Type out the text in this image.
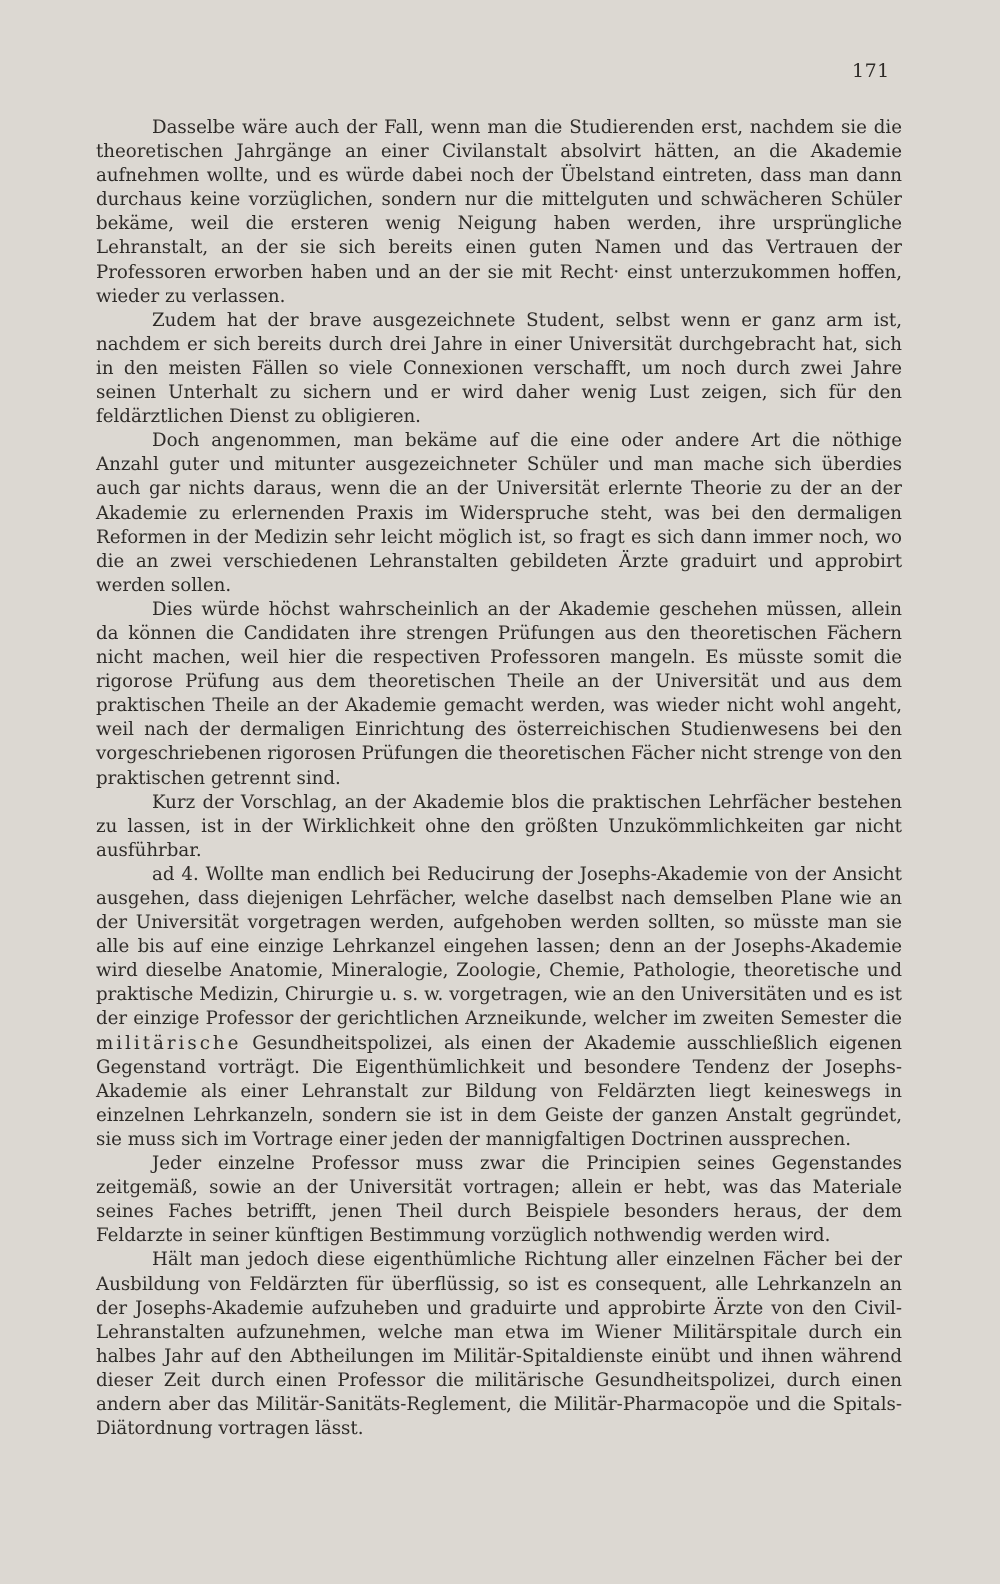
171

Dasselbe wäre auch der Fall, wenn man die Studierenden erst, nachdem sie die theoretischen Jahrgänge an einer Civilanstalt absolvirt hätten, an die Akademie aufnehmen wollte, und es würde dabei noch der Übelstand eintreten, dass man dann durchaus keine vorzüglichen, sondern nur die mittelguten und schwächeren Schüler bekäme, weil die ersteren wenig Neigung haben werden, ihre ursprüngliche Lehranstalt, an der sie sich bereits einen guten Namen und das Vertrauen der Professoren erworben haben und an der sie mit Recht· einst unterzukommen hoffen, wieder zu verlassen.

Zudem hat der brave ausgezeichnete Student, selbst wenn er ganz arm ist, nachdem er sich bereits durch drei Jahre in einer Universität durchgebracht hat, sich in den meisten Fällen so viele Connexionen verschafft, um noch durch zwei Jahre seinen Unterhalt zu sichern und er wird daher wenig Lust zeigen, sich für den feldärztlichen Dienst zu obligieren.

Doch angenommen, man bekäme auf die eine oder andere Art die nöthige Anzahl guter und mitunter ausgezeichneter Schüler und man mache sich überdies auch gar nichts daraus, wenn die an der Universität erlernte Theorie zu der an der Akademie zu erlernenden Praxis im Widerspruche steht, was bei den dermaligen Reformen in der Medizin sehr leicht möglich ist, so fragt es sich dann immer noch, wo die an zwei verschiedenen Lehranstalten gebildeten Ärzte graduirt und approbirt werden sollen.

Dies würde höchst wahrscheinlich an der Akademie geschehen müssen, allein da können die Candidaten ihre strengen Prüfungen aus den theoretischen Fächern nicht machen, weil hier die respectiven Professoren mangeln. Es müsste somit die rigorose Prüfung aus dem theoretischen Theile an der Universität und aus dem praktischen Theile an der Akademie gemacht werden, was wieder nicht wohl angeht, weil nach der dermaligen Einrichtung des österreichischen Studienwesens bei den vorgeschriebenen rigorosen Prüfungen die theoretischen Fächer nicht strenge von den praktischen getrennt sind.

Kurz der Vorschlag, an der Akademie blos die praktischen Lehrfächer bestehen zu lassen, ist in der Wirklichkeit ohne den größten Unzukömmlichkeiten gar nicht ausführbar.

ad 4. Wollte man endlich bei Reducirung der Josephs-Akademie von der Ansicht ausgehen, dass diejenigen Lehrfächer, welche daselbst nach demselben Plane wie an der Universität vorgetragen werden, aufgehoben werden sollten, so müsste man sie alle bis auf eine einzige Lehrkanzel eingehen lassen; denn an der Josephs-Akademie wird dieselbe Anatomie, Mineralogie, Zoologie, Chemie, Pathologie, theoretische und praktische Medizin, Chirurgie u. s. w. vorgetragen, wie an den Universitäten und es ist der einzige Professor der gerichtlichen Arzneikunde, welcher im zweiten Semester die militärische Gesundheitspolizei, als einen der Akademie ausschließlich eigenen Gegenstand vorträgt. Die Eigenthümlichkeit und besondere Tendenz der Josephs-Akademie als einer Lehranstalt zur Bildung von Feldärzten liegt keineswegs in einzelnen Lehrkanzeln, sondern sie ist in dem Geiste der ganzen Anstalt gegründet, sie muss sich im Vortrage einer jeden der mannigfaltigen Doctrinen aussprechen.

Jeder einzelne Professor muss zwar die Principien seines Gegenstandes zeitgemäß, sowie an der Universität vortragen; allein er hebt, was das Materiale seines Faches betrifft, jenen Theil durch Beispiele besonders heraus, der dem Feldarzte in seiner künftigen Bestimmung vorzüglich nothwendig werden wird.

Hält man jedoch diese eigenthümliche Richtung aller einzelnen Fächer bei der Ausbildung von Feldärzten für überflüssig, so ist es consequent, alle Lehrkanzeln an der Josephs-Akademie aufzuheben und graduirte und approbirte Ärzte von den Civil-Lehranstalten aufzunehmen, welche man etwa im Wiener Militärspitale durch ein halbes Jahr auf den Abtheilungen im Militär-Spitaldienste einübt und ihnen während dieser Zeit durch einen Professor die militärische Gesundheitspolizei, durch einen andern aber das Militär-Sanitäts-Reglement, die Militär-Pharmacopöe und die Spitals-Diätordnung vortragen lässt.
